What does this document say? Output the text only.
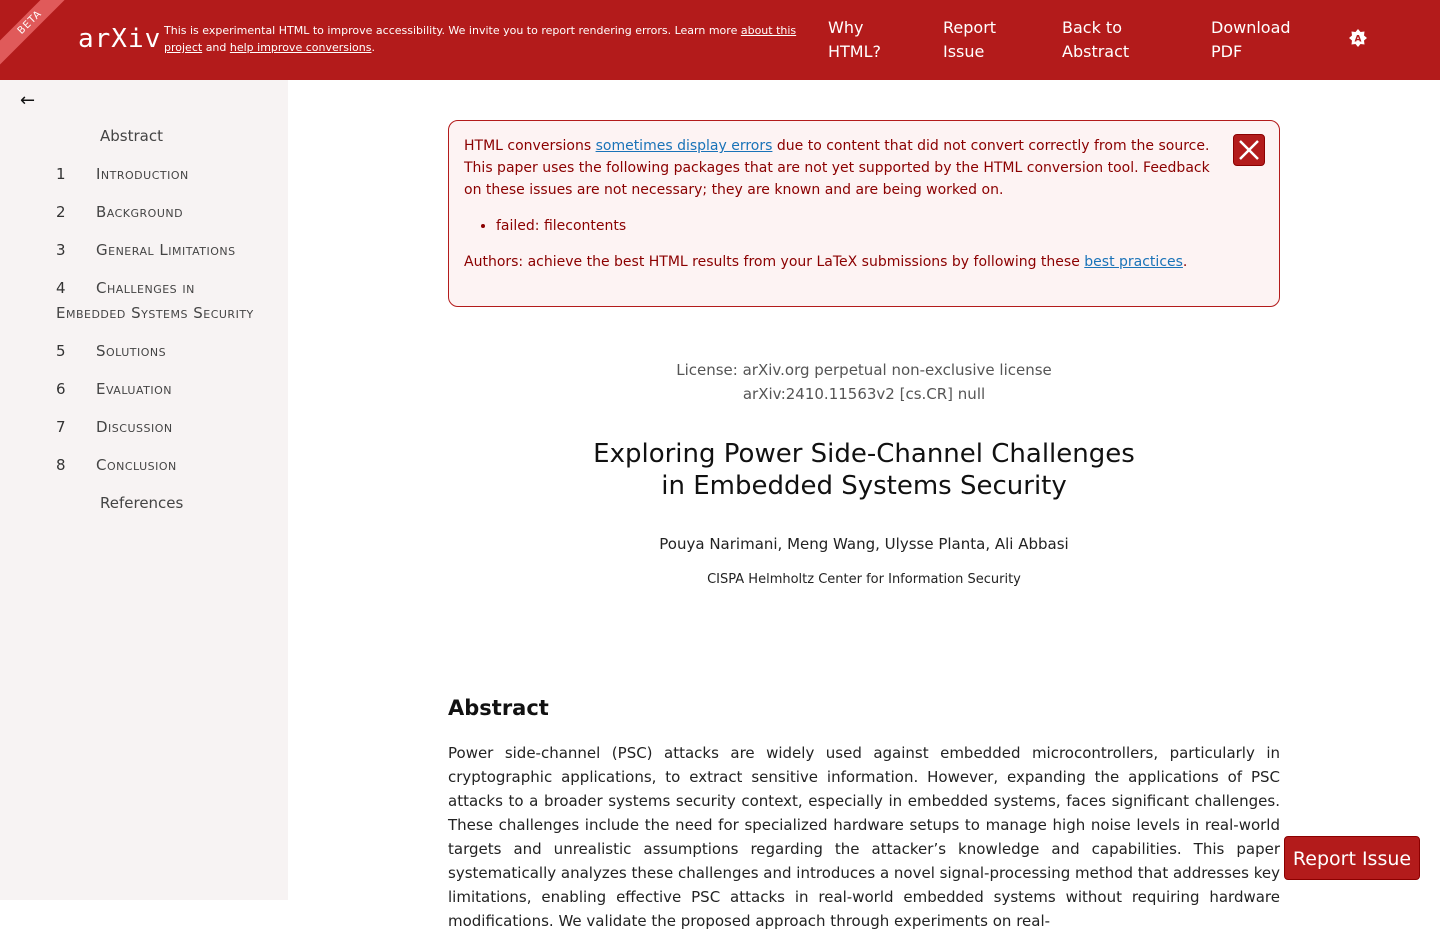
BETA
arXiv This is experimental HTML to improve accessibility. We invite you to report rendering errors. Learn more about this project and help improve conversions.
Why HTML?
Report Issue
Back to Abstract
Download PDF
A
←
Abstract
1 Introduction
2 Background
3 General Limitations
4 Challenges in Embedded Systems Security
5 Solutions
6 Evaluation
7 Discussion
8 Conclusion
References

HTML conversions sometimes display errors due to content that did not convert correctly from the source. This paper uses the following packages that are not yet supported by the HTML conversion tool. Feedback on these issues are not necessary; they are known and are being worked on.

• failed: filecontents

Authors: achieve the best HTML results from your LaTeX submissions by following these best practices.

License: arXiv.org perpetual non-exclusive license
arXiv:2410.11563v2 [cs.CR] null
Exploring Power Side-Channel Challenges
in Embedded Systems Security
Pouya Narimani, Meng Wang, Ulysse Planta, Ali Abbasi
CISPA Helmholtz Center for Information Security
Abstract
Power side-channel (PSC) attacks are widely used against embedded microcontrollers, particularly in cryptographic applications, to extract sensitive information. However, expanding the applications of PSC attacks to a broader systems security context, especially in embedded systems, faces significant challenges. These challenges include the need for specialized hardware setups to manage high noise levels in real-world targets and unrealistic assumptions regarding the attacker’s knowledge and capabilities. This paper systematically analyzes these challenges and introduces a novel signal-processing method that addresses key limitations, enabling effective PSC attacks in real-world embedded systems without requiring hardware modifications. We validate the proposed approach through experiments on real-
Report Issue
